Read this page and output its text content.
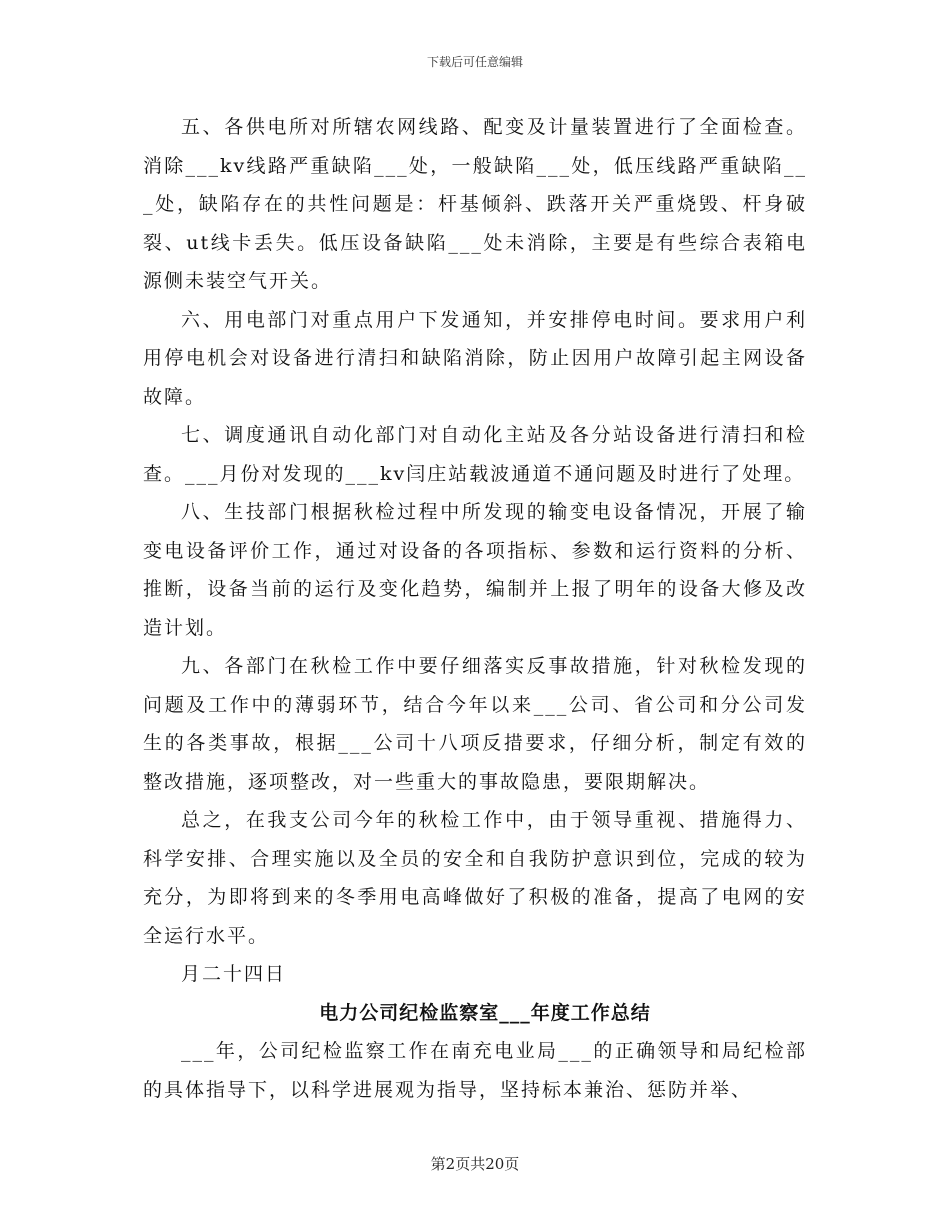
下载后可任意编辑

五、各供电所对所辖农网线路、配变及计量装置进行了全面检查。消除___kv线路严重缺陷___处，一般缺陷___处，低压线路严重缺陷___处，缺陷存在的共性问题是：杆基倾斜、跌落开关严重烧毁、杆身破裂、ut线卡丢失。低压设备缺陷___处未消除，主要是有些综合表箱电源侧未装空气开关。

六、用电部门对重点用户下发通知，并安排停电时间。要求用户利用停电机会对设备进行清扫和缺陷消除，防止因用户故障引起主网设备故障。

七、调度通讯自动化部门对自动化主站及各分站设备进行清扫和检查。___月份对发现的___kv闫庄站载波通道不通问题及时进行了处理。

八、生技部门根据秋检过程中所发现的输变电设备情况，开展了输变电设备评价工作，通过对设备的各项指标、参数和运行资料的分析、推断，设备当前的运行及变化趋势，编制并上报了明年的设备大修及改造计划。

九、各部门在秋检工作中要仔细落实反事故措施，针对秋检发现的问题及工作中的薄弱环节，结合今年以来___公司、省公司和分公司发生的各类事故，根据___公司十八项反措要求，仔细分析，制定有效的整改措施，逐项整改，对一些重大的事故隐患，要限期解决。

总之，在我支公司今年的秋检工作中，由于领导重视、措施得力、科学安排、合理实施以及全员的安全和自我防护意识到位，完成的较为充分，为即将到来的冬季用电高峰做好了积极的准备，提高了电网的安全运行水平。

月二十四日

电力公司纪检监察室___年度工作总结

___年，公司纪检监察工作在南充电业局___的正确领导和局纪检部的具体指导下，以科学进展观为指导，坚持标本兼治、惩防并举、

第2页共20页
